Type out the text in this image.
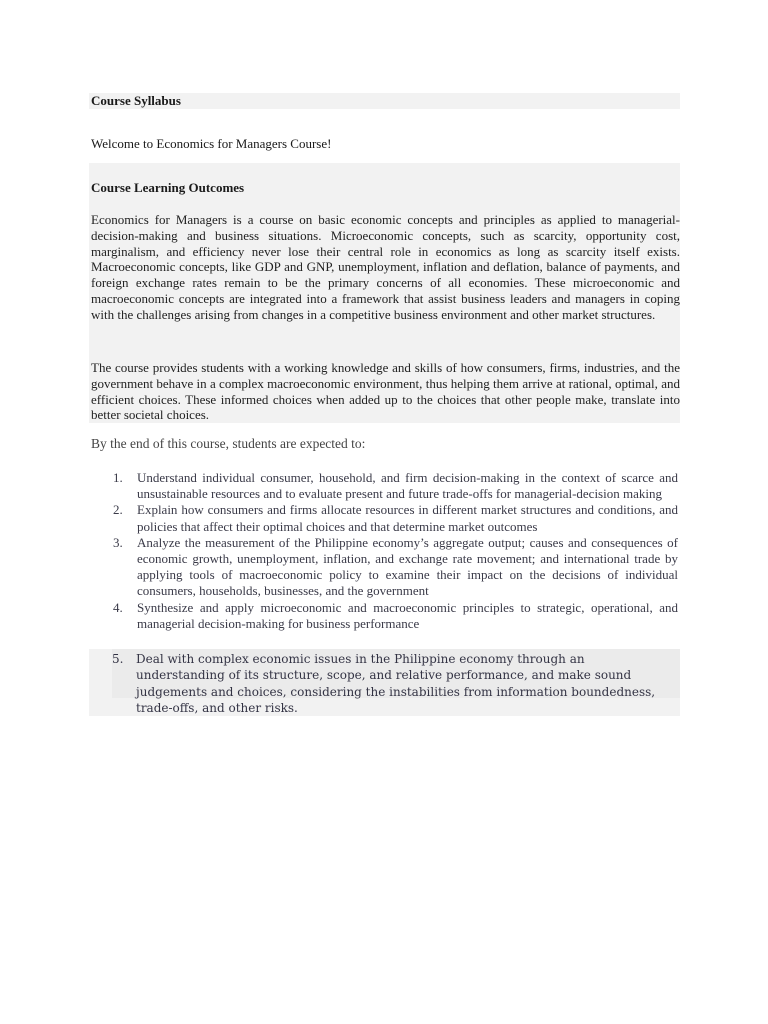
Course Syllabus
Welcome to Economics for Managers Course!
Course Learning Outcomes
Economics for Managers is a course on basic economic concepts and principles as applied to managerial-decision-making and business situations. Microeconomic concepts, such as scarcity, opportunity cost, marginalism, and efficiency never lose their central role in economics as long as scarcity itself exists. Macroeconomic concepts, like GDP and GNP, unemployment, inflation and deflation, balance of payments, and foreign exchange rates remain to be the primary concerns of all economies. These microeconomic and macroeconomic concepts are integrated into a framework that assist business leaders and managers in coping with the challenges arising from changes in a competitive business environment and other market structures.
The course provides students with a working knowledge and skills of how consumers, firms, industries, and the government behave in a complex macroeconomic environment, thus helping them arrive at rational, optimal, and efficient choices. These informed choices when added up to the choices that other people make, translate into better societal choices.
By the end of this course, students are expected to:
1. Understand individual consumer, household, and firm decision-making in the context of scarce and unsustainable resources and to evaluate present and future trade-offs for managerial-decision making
2. Explain how consumers and firms allocate resources in different market structures and conditions, and policies that affect their optimal choices and that determine market outcomes
3. Analyze the measurement of the Philippine economy’s aggregate output; causes and consequences of economic growth, unemployment, inflation, and exchange rate movement; and international trade by applying tools of macroeconomic policy to examine their impact on the decisions of individual consumers, households, businesses, and the government
4. Synthesize and apply microeconomic and macroeconomic principles to strategic, operational, and managerial decision-making for business performance
5.	Deal with complex economic issues in the Philippine economy through an understanding of its structure, scope, and relative performance, and make sound judgements and choices, considering the instabilities from information boundedness, trade-offs, and other risks.
